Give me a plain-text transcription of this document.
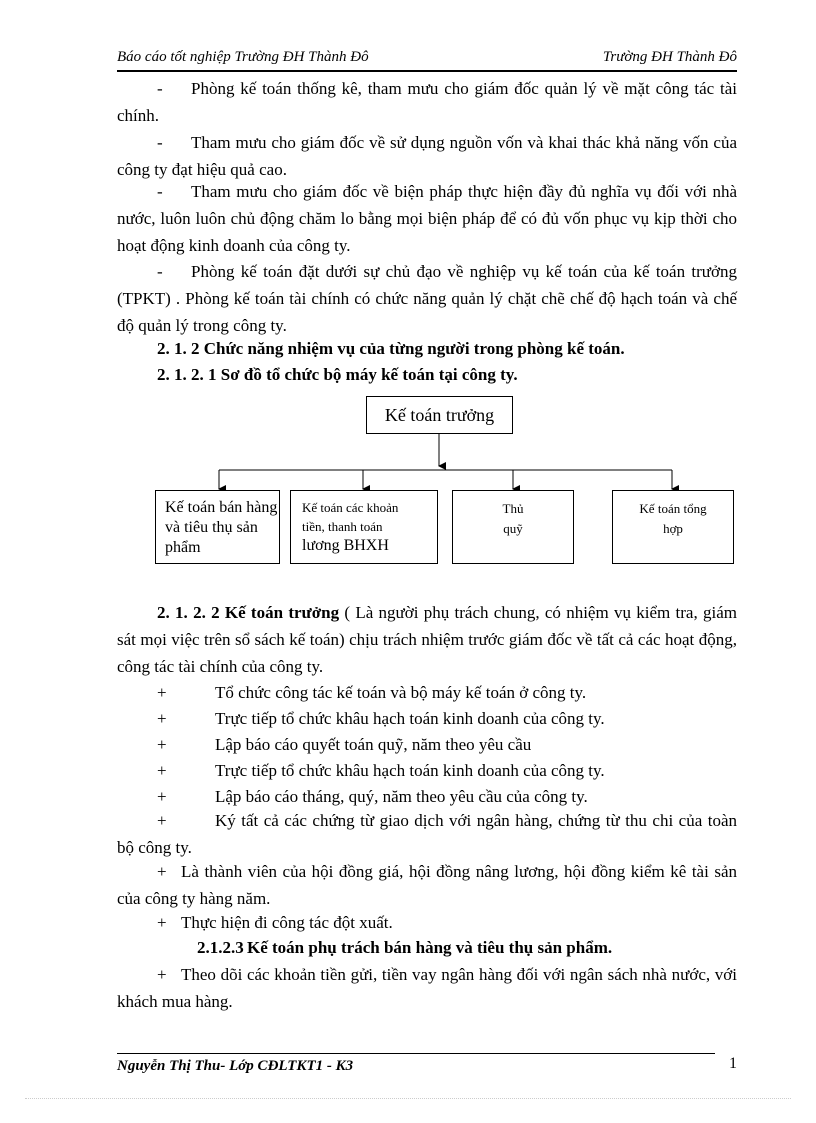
Báo cáo tốt nghiệp Trường ĐH Thành Đô	Trường ĐH Thành Đô

- Phòng kế toán thống kê, tham mưu cho giám đốc quản lý về mặt công tác tài chính.

- Tham mưu cho giám đốc về sử dụng nguồn vốn và khai thác khả năng vốn của công ty đạt hiệu quả cao.

- Tham mưu cho giám đốc về biện pháp thực hiện đầy đủ nghĩa vụ đối với nhà nước, luôn luôn chủ động chăm lo bằng mọi biện pháp để có đủ vốn phục vụ kịp thời cho hoạt động kinh doanh của công ty.

- Phòng kế toán đặt dưới sự chủ đạo về nghiệp vụ kế toán của kế toán trưởng (TPKT) . Phòng kế toán tài chính có chức năng quản lý chặt chẽ chế độ hạch toán và chế độ quản lý trong công ty.

2. 1. 2 Chức năng nhiệm vụ của từng người trong phòng kế toán.

2. 1. 2. 1 Sơ đồ tổ chức bộ máy kế toán tại công ty.

Kế toán trưởng
Kế toán bán hàng và tiêu thụ sản phẩm
Kế toán các khoản
tiền, thanh toán
lương BHXH
Thủ
quỹ
Kế toán tổng
hợp

2. 1. 2. 2 Kế toán trưởng ( Là người phụ trách chung, có nhiệm vụ kiểm tra, giám sát mọi việc trên sổ sách kế toán) chịu trách nhiệm trước giám đốc về tất cả các hoạt động, công tác tài chính của công ty.

+	Tổ chức công tác kế toán và bộ máy kế toán ở công ty.
+	Trực tiếp tổ chức khâu hạch toán kinh doanh của công ty.
+	Lập báo cáo quyết toán quỹ, năm theo yêu cầu
+	Trực tiếp tổ chức khâu hạch toán kinh doanh của công ty.
+	Lập báo cáo tháng, quý, năm theo yêu cầu của công ty.

+	Ký tất cả các chứng từ giao dịch với ngân hàng, chứng từ thu chi của toàn bộ công ty.

+ Là thành viên của hội đồng giá, hội đồng nâng lương, hội đồng kiểm kê tài sản của công ty hàng năm.

+ Thực hiện đi công tác đột xuất.

2.1.2.3 Kế toán phụ trách bán hàng và tiêu thụ sản phẩm.

+ Theo dõi các khoản tiền gửi, tiền vay ngân hàng đối với ngân sách nhà nước, với khách mua hàng.

Nguyễn Thị Thu- Lớp CĐLTKT1 - K3	1
